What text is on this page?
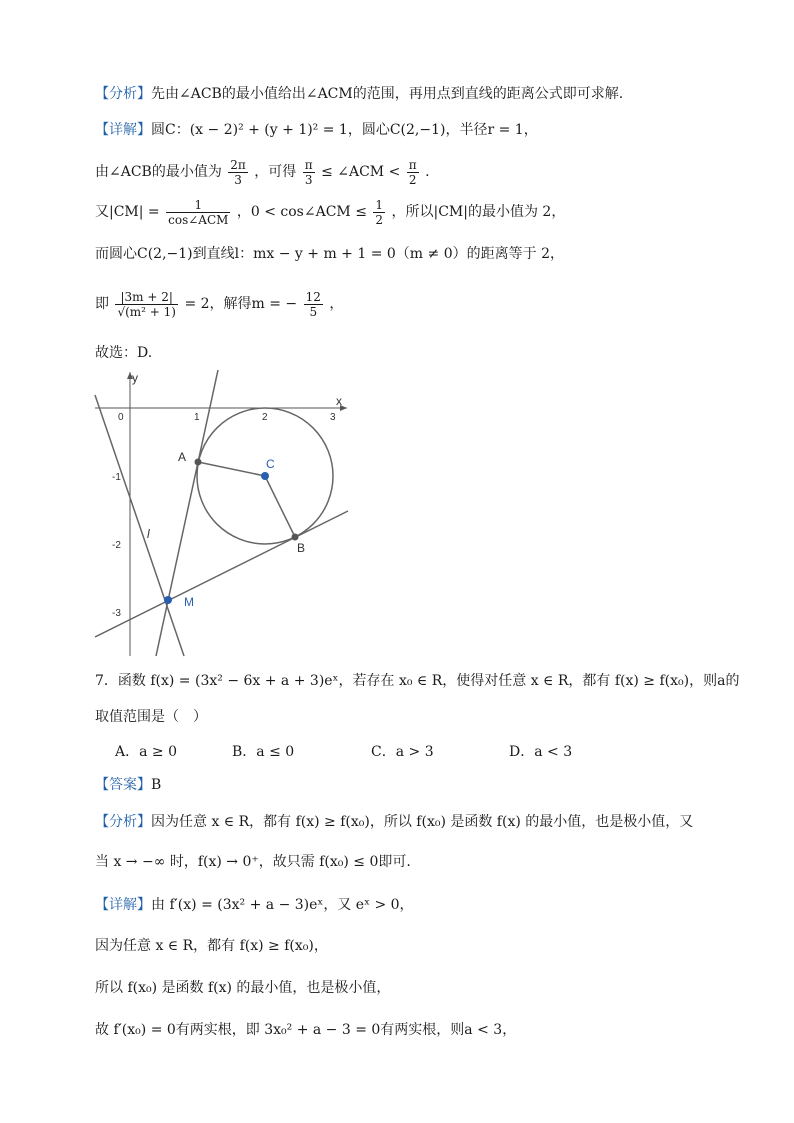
【分析】先由∠ACB的最小值给出∠ACM的范围，再用点到直线的距离公式即可求解.
【详解】圆C：(x − 2)² + (y + 1)² = 1，圆心C(2,−1)，半径r = 1，
由∠ACB的最小值为 $\frac{2\pi}{3}$ ，可得 $\frac{\pi}{3}$ ≤ ∠ACM < $\frac{\pi}{2}$ .
又$|CM| = \frac{1}{\text{cos∠ACM}}$ ，0 < cos∠ACM ≤ $\frac{1}{2}$ ，所以|CM|的最小值为 2，
而圆心C(2,−1)到直线l：mx − y + m + 1 = 0（m ≠ 0）的距离等于 2，
即 $\frac{|3m + 2|}{\text{√(m² + 1)}} = 2$，解得m = − $\frac{12}{5}$ ，
故选：D.
x
y
0	1	2	3
-1
-2
-3
A
B
C
M
l
7．函数 f(x) = (3x² − 6x + a + 3)eˣ，若存在 x₀ ∈ R，使得对任意 x ∈ R，都有 f(x) ≥ f(x₀)，则a的
取值范围是（　）
A．a ≥ 0	B．a ≤ 0	C．a > 3	D．a < 3
【答案】B
【分析】因为任意 x ∈ R，都有 f(x) ≥ f(x₀)，所以 f(x₀) 是函数 f(x) 的最小值，也是极小值，又
当 x → −∞ 时，f(x) → 0⁺，故只需 f(x₀) ≤ 0即可.
【详解】由 f′(x) = (3x² + a − 3)eˣ，又 eˣ > 0，
因为任意 x ∈ R，都有 f(x) ≥ f(x₀)，
所以 f(x₀) 是函数 f(x) 的最小值，也是极小值，
故 f′(x₀) = 0有两实根，即 3x₀² + a − 3 = 0有两实根，则a < 3，
